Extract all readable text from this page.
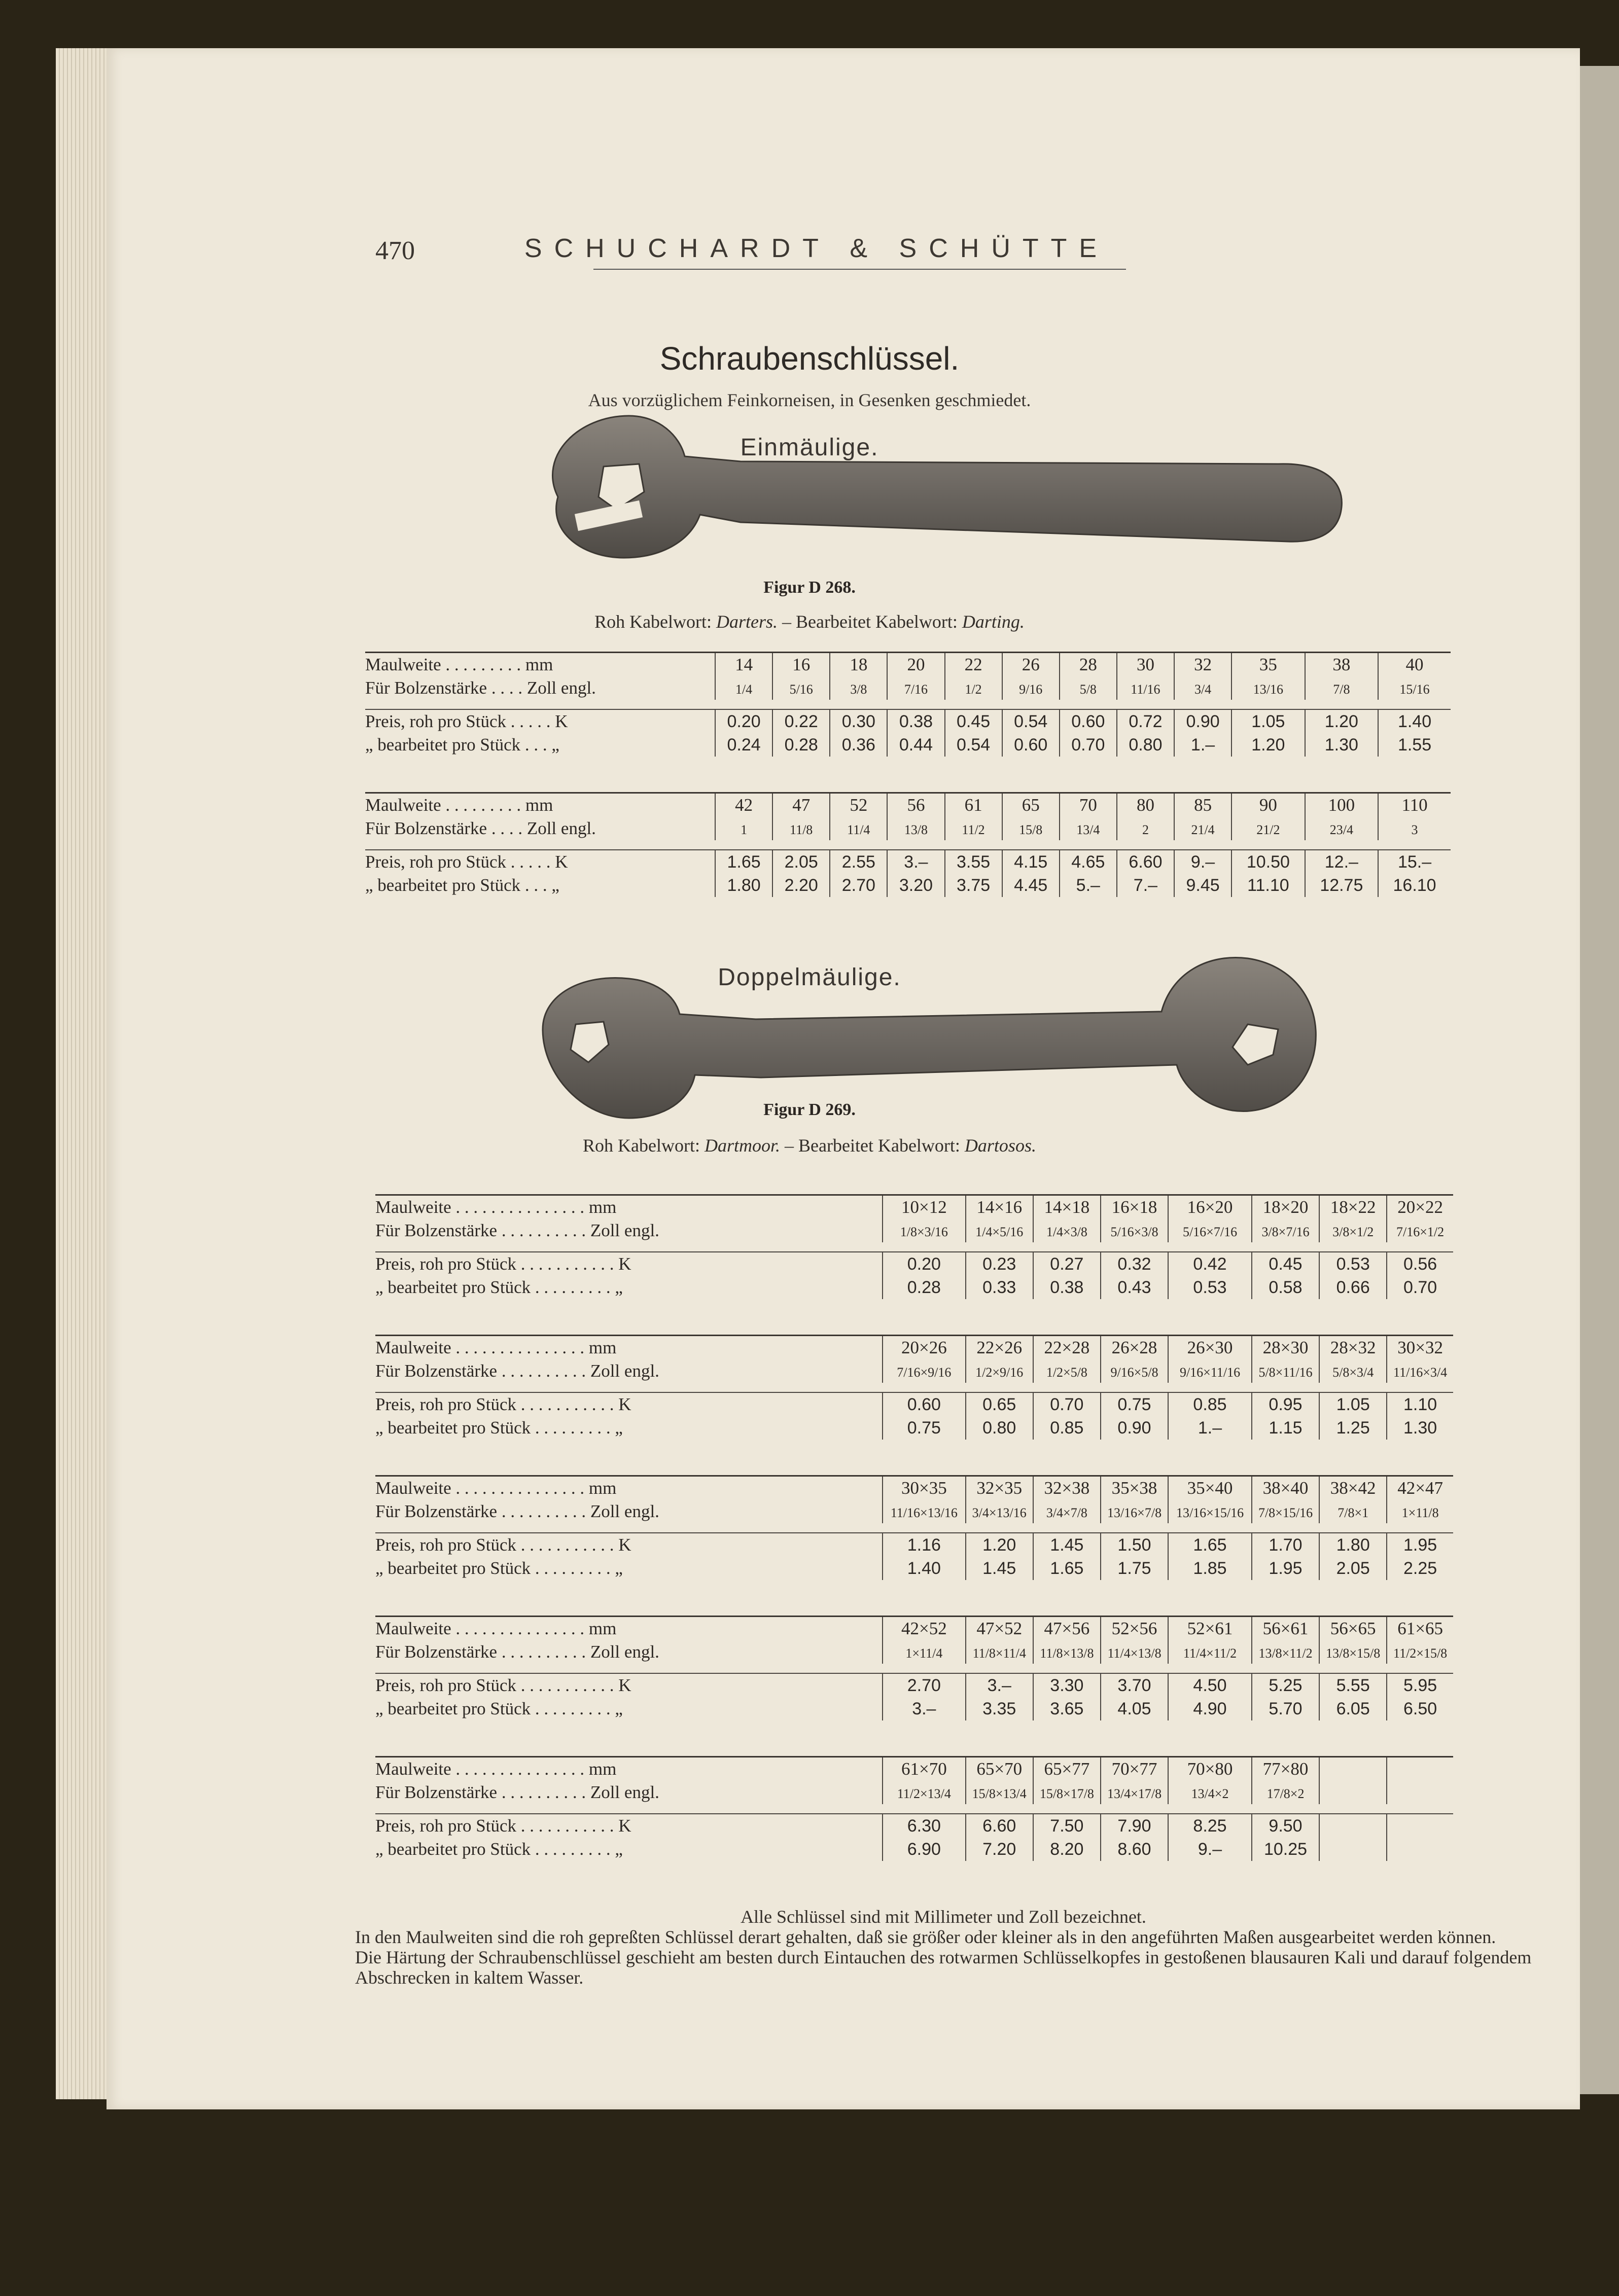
470	SCHUCHARDT & SCHÜTTE
Schraubenschlüssel.
Aus vorzüglichem Feinkorneisen, in Gesenken geschmiedet.
Einmäulige.
Figur D 268.
Roh Kabelwort: Darters. – Bearbeitet Kabelwort: Darting.
Maulweite . . . . . . . . . mm	14	16	18	20	22	26	28	30	32	35	38	40
Für Bolzenstärke . . . . Zoll engl.	1/4	5/16	3/8	7/16	1/2	9/16	5/8	11/16	3/4	13/16	7/8	15/16

Preis, roh pro Stück . . . . . K	0.20	0.22	0.30	0.38	0.45	0.54	0.60	0.72	0.90	1.05	1.20	1.40
„ bearbeitet pro Stück . . . „	0.24	0.28	0.36	0.44	0.54	0.60	0.70	0.80	1.–	1.20	1.30	1.55

Maulweite . . . . . . . . . mm	42	47	52	56	61	65	70	80	85	90	100	110
Für Bolzenstärke . . . . Zoll engl.	1	11/8	11/4	13/8	11/2	15/8	13/4	2	21/4	21/2	23/4	3

Preis, roh pro Stück . . . . . K	1.65	2.05	2.55	3.–	3.55	4.15	4.65	6.60	9.–	10.50	12.–	15.–
„ bearbeitet pro Stück . . . „	1.80	2.20	2.70	3.20	3.75	4.45	5.–	7.–	9.45	11.10	12.75	16.10

Doppelmäulige.
Figur D 269.
Roh Kabelwort: Dartmoor. – Bearbeitet Kabelwort: Dartosos.
Maulweite . . . . . . . . . . . . . . . mm	10×12	14×16	14×18	16×18	16×20	18×20	18×22	20×22
Für Bolzenstärke . . . . . . . . . . Zoll engl.	1/8×3/16	1/4×5/16	1/4×3/8	5/16×3/8	5/16×7/16	3/8×7/16	3/8×1/2	7/16×1/2

Preis, roh pro Stück . . . . . . . . . . . K	0.20	0.23	0.27	0.32	0.42	0.45	0.53	0.56
„ bearbeitet pro Stück . . . . . . . . . „	0.28	0.33	0.38	0.43	0.53	0.58	0.66	0.70

Maulweite . . . . . . . . . . . . . . . mm	20×26	22×26	22×28	26×28	26×30	28×30	28×32	30×32
Für Bolzenstärke . . . . . . . . . . Zoll engl.	7/16×9/16	1/2×9/16	1/2×5/8	9/16×5/8	9/16×11/16	5/8×11/16	5/8×3/4	11/16×3/4

Preis, roh pro Stück . . . . . . . . . . . K	0.60	0.65	0.70	0.75	0.85	0.95	1.05	1.10
„ bearbeitet pro Stück . . . . . . . . . „	0.75	0.80	0.85	0.90	1.–	1.15	1.25	1.30

Maulweite . . . . . . . . . . . . . . . mm	30×35	32×35	32×38	35×38	35×40	38×40	38×42	42×47
Für Bolzenstärke . . . . . . . . . . Zoll engl.	11/16×13/16	3/4×13/16	3/4×7/8	13/16×7/8	13/16×15/16	7/8×15/16	7/8×1	1×11/8

Preis, roh pro Stück . . . . . . . . . . . K	1.16	1.20	1.45	1.50	1.65	1.70	1.80	1.95
„ bearbeitet pro Stück . . . . . . . . . „	1.40	1.45	1.65	1.75	1.85	1.95	2.05	2.25

Maulweite . . . . . . . . . . . . . . . mm	42×52	47×52	47×56	52×56	52×61	56×61	56×65	61×65
Für Bolzenstärke . . . . . . . . . . Zoll engl.	1×11/4	11/8×11/4	11/8×13/8	11/4×13/8	11/4×11/2	13/8×11/2	13/8×15/8	11/2×15/8

Preis, roh pro Stück . . . . . . . . . . . K	2.70	3.–	3.30	3.70	4.50	5.25	5.55	5.95
„ bearbeitet pro Stück . . . . . . . . . „	3.–	3.35	3.65	4.05	4.90	5.70	6.05	6.50

Maulweite . . . . . . . . . . . . . . . mm	61×70	65×70	65×77	70×77	70×80	77×80		
Für Bolzenstärke . . . . . . . . . . Zoll engl.	11/2×13/4	15/8×13/4	15/8×17/8	13/4×17/8	13/4×2	17/8×2		

Preis, roh pro Stück . . . . . . . . . . . K	6.30	6.60	7.50	7.90	8.25	9.50		
„ bearbeitet pro Stück . . . . . . . . . „	6.90	7.20	8.20	8.60	9.–	10.25		

Alle Schlüssel sind mit Millimeter und Zoll bezeichnet.

In den Maulweiten sind die roh gepreßten Schlüssel derart gehalten, daß sie größer oder kleiner als in den angeführten Maßen ausgearbeitet werden können.

Die Härtung der Schraubenschlüssel geschieht am besten durch Eintauchen des rotwarmen Schlüsselkopfes in gestoßenen blausauren Kali und darauf folgendem Abschrecken in kaltem Wasser.
